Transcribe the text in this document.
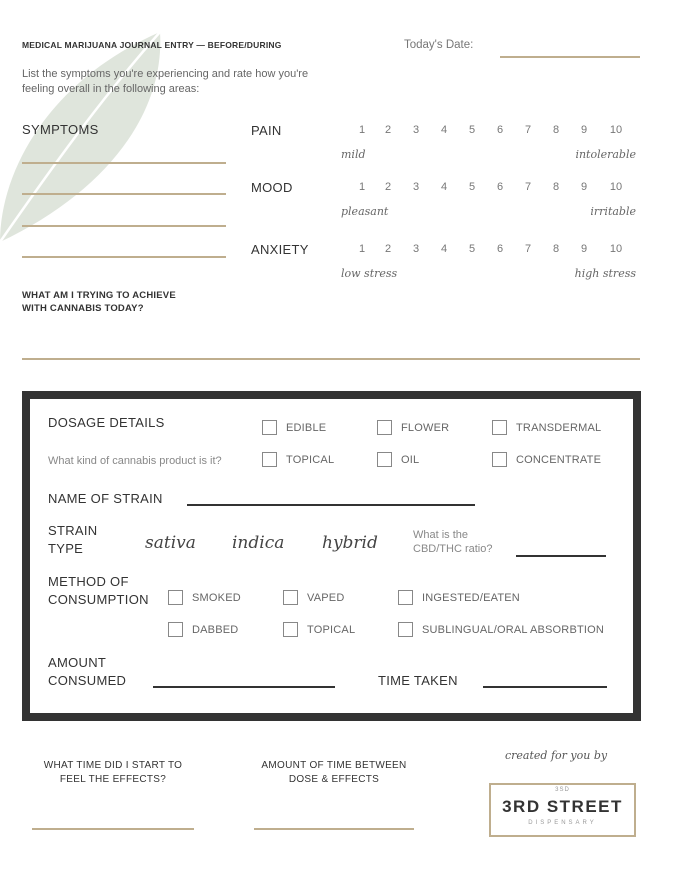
MEDICAL MARIJUANA JOURNAL ENTRY — BEFORE/DURING	Today's Date:
List the symptoms you're experiencing and rate how you're feeling overall in the following areas:
SYMPTOMS	PAIN	1	2	3	4	5	6	7	8	9	10
mild	intolerable
MOOD	1	2	3	4	5	6	7	8	9	10
pleasant	irritable
ANXIETY	1	2	3	4	5	6	7	8	9	10
low stress	high stress
WHAT AM I TRYING TO ACHIEVE
WITH CANNABIS TODAY?
DOSAGE DETAILS
What kind of cannabis product is it?
EDIBLE	FLOWER	TRANSDERMAL
TOPICAL	OIL	CONCENTRATE
NAME OF STRAIN
STRAIN
TYPE	sativa indica hybrid	What is the
CBD/THC ratio?
METHOD OF
CONSUMPTION	SMOKED	VAPED	INGESTED/EATEN
DABBED	TOPICAL	SUBLINGUAL/ORAL ABSORBTION
AMOUNT
CONSUMED	TIME TAKEN
WHAT TIME DID I START TO
FEEL THE EFFECTS?
AMOUNT OF TIME BETWEEN
DOSE & EFFECTS
created for you by
3SD
3RD STREET
DISPENSARY
